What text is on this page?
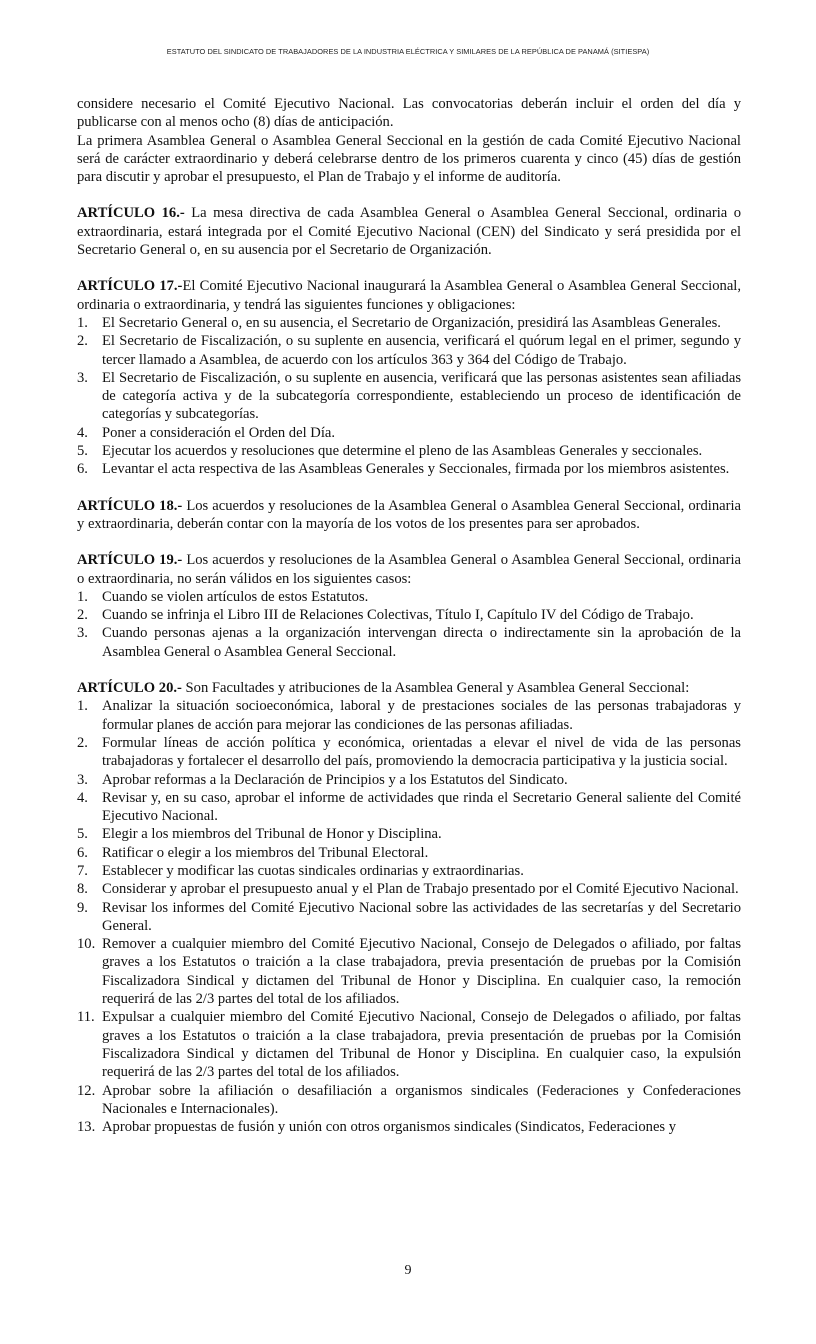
ESTATUTO DEL SINDICATO DE TRABAJADORES DE LA INDUSTRIA ELÉCTRICA Y SIMILARES DE LA REPÚBLICA DE PANAMÁ (SITIESPA)

considere necesario el Comité Ejecutivo Nacional. Las convocatorias deberán incluir el orden del día y publicarse con al menos ocho (8) días de anticipación.

La primera Asamblea General o Asamblea General Seccional en la gestión de cada Comité Ejecutivo Nacional será de carácter extraordinario y deberá celebrarse dentro de los primeros cuarenta y cinco (45) días de gestión para discutir y aprobar el presupuesto, el Plan de Trabajo y el informe de auditoría.

ARTÍCULO 16.- La mesa directiva de cada Asamblea General o Asamblea General Seccional, ordinaria o extraordinaria, estará integrada por el Comité Ejecutivo Nacional (CEN) del Sindicato y será presidida por el Secretario General o, en su ausencia por el Secretario de Organización.

ARTÍCULO 17.-El Comité Ejecutivo Nacional inaugurará la Asamblea General o Asamblea General Seccional, ordinaria o extraordinaria, y tendrá las siguientes funciones y obligaciones:

1. El Secretario General o, en su ausencia, el Secretario de Organización, presidirá las Asambleas Generales.
2. El Secretario de Fiscalización, o su suplente en ausencia, verificará el quórum legal en el primer, segundo y tercer llamado a Asamblea, de acuerdo con los artículos 363 y 364 del Código de Trabajo.
3. El Secretario de Fiscalización, o su suplente en ausencia, verificará que las personas asistentes sean afiliadas de categoría activa y de la subcategoría correspondiente, estableciendo un proceso de identificación de categorías y subcategorías.
4. Poner a consideración el Orden del Día.
5. Ejecutar los acuerdos y resoluciones que determine el pleno de las Asambleas Generales y seccionales.
6. Levantar el acta respectiva de las Asambleas Generales y Seccionales, firmada por los miembros asistentes.

ARTÍCULO 18.- Los acuerdos y resoluciones de la Asamblea General o Asamblea General Seccional, ordinaria y extraordinaria, deberán contar con la mayoría de los votos de los presentes para ser aprobados.

ARTÍCULO 19.- Los acuerdos y resoluciones de la Asamblea General o Asamblea General Seccional, ordinaria o extraordinaria, no serán válidos en los siguientes casos:

1. Cuando se violen artículos de estos Estatutos.
2. Cuando se infrinja el Libro III de Relaciones Colectivas, Título I, Capítulo IV del Código de Trabajo.
3. Cuando personas ajenas a la organización intervengan directa o indirectamente sin la aprobación de la Asamblea General o Asamblea General Seccional.

ARTÍCULO 20.- Son Facultades y atribuciones de la Asamblea General y Asamblea General Seccional:

1. Analizar la situación socioeconómica, laboral y de prestaciones sociales de las personas trabajadoras y formular planes de acción para mejorar las condiciones de las personas afiliadas.
2. Formular líneas de acción política y económica, orientadas a elevar el nivel de vida de las personas trabajadoras y fortalecer el desarrollo del país, promoviendo la democracia participativa y la justicia social.
3. Aprobar reformas a la Declaración de Principios y a los Estatutos del Sindicato.
4. Revisar y, en su caso, aprobar el informe de actividades que rinda el Secretario General saliente del Comité Ejecutivo Nacional.
5. Elegir a los miembros del Tribunal de Honor y Disciplina.
6. Ratificar o elegir a los miembros del Tribunal Electoral.
7. Establecer y modificar las cuotas sindicales ordinarias y extraordinarias.
8. Considerar y aprobar el presupuesto anual y el Plan de Trabajo presentado por el Comité Ejecutivo Nacional.
9. Revisar los informes del Comité Ejecutivo Nacional sobre las actividades de las secretarías y del Secretario General.
10. Remover a cualquier miembro del Comité Ejecutivo Nacional, Consejo de Delegados o afiliado, por faltas graves a los Estatutos o traición a la clase trabajadora, previa presentación de pruebas por la Comisión Fiscalizadora Sindical y dictamen del Tribunal de Honor y Disciplina. En cualquier caso, la remoción requerirá de las 2/3 partes del total de los afiliados.
11. Expulsar a cualquier miembro del Comité Ejecutivo Nacional, Consejo de Delegados o afiliado, por faltas graves a los Estatutos o traición a la clase trabajadora, previa presentación de pruebas por la Comisión Fiscalizadora Sindical y dictamen del Tribunal de Honor y Disciplina. En cualquier caso, la expulsión requerirá de las 2/3 partes del total de los afiliados.
12. Aprobar sobre la afiliación o desafiliación a organismos sindicales (Federaciones y Confederaciones Nacionales e Internacionales).
13. Aprobar propuestas de fusión y unión con otros organismos sindicales (Sindicatos, Federaciones y
9
